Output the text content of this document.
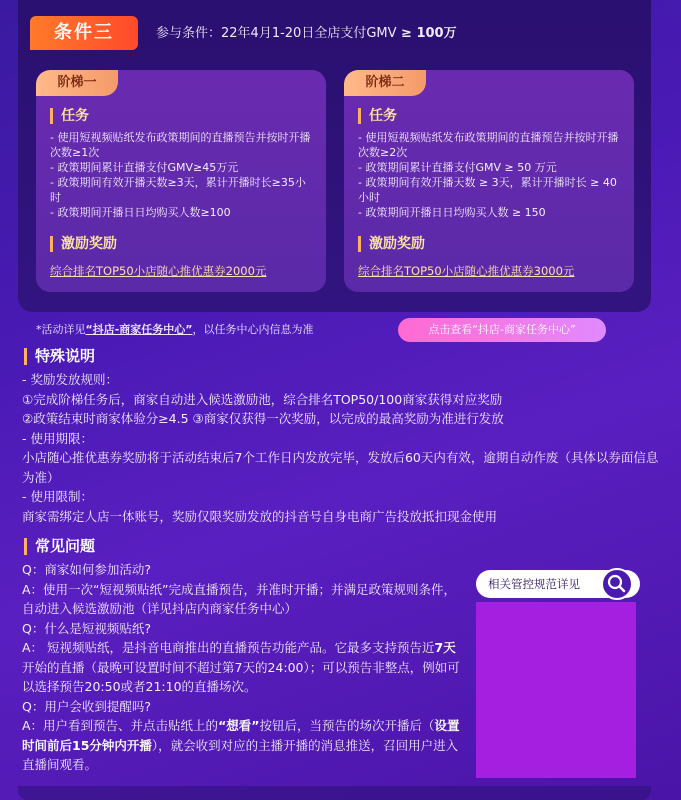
条件三	参与条件：22年4月1-20日全店支付GMV ≥ 100万
阶梯一
任务
- 使用短视频贴纸发布政策期间的直播预告并按时开播次数≥1次
- 政策期间累计直播支付GMV≥45万元
- 政策期间有效开播天数≥3天，累计开播时长≥35小时
- 政策期间开播日日均购买人数≥100
激励奖励
综合排名TOP50小店随心推优惠券2000元
阶梯二
任务
- 使用短视频贴纸发布政策期间的直播预告并按时开播次数≥2次
- 政策期间累计直播支付GMV ≥ 50 万元
- 政策期间有效开播天数 ≥ 3天，累计开播时长 ≥ 40 小时
- 政策期间开播日日均购买人数 ≥ 150
激励奖励
综合排名TOP50小店随心推优惠券3000元
*活动详见“抖店-商家任务中心”，以任务中心内信息为准	点击查看“抖店-商家任务中心”
特殊说明
- 奖励发放规则：
①完成阶梯任务后，商家自动进入候选激励池，综合排名TOP50/100商家获得对应奖励
②政策结束时商家体验分≥4.5 ③商家仅获得一次奖励，以完成的最高奖励为准进行发放
- 使用期限：
小店随心推优惠券奖励将于活动结束后7个工作日内发放完毕，发放后60天内有效，逾期自动作废（具体以券面信息为准）
- 使用限制：
商家需绑定人店一体账号，奖励仅限奖励发放的抖音号自身电商广告投放抵扣现金使用
常见问题
Q：商家如何参加活动?
A：使用一次“短视频贴纸”完成直播预告，并准时开播；并满足政策规则条件，自动进入候选激励池（详见抖店内商家任务中心）
Q：什么是短视频贴纸?
A： 短视频贴纸，是抖音电商推出的直播预告功能产品。它最多支持预告近7天开始的直播（最晚可设置时间不超过第7天的24:00）；可以预告非整点，例如可以选择预告20:50或者21:10的直播场次。
Q：用户会收到提醒吗?
A：用户看到预告、并点击贴纸上的“想看”按钮后，当预告的场次开播后（设置时间前后15分钟内开播），就会收到对应的主播开播的消息推送，召回用户进入直播间观看。
相关管控规范详见
